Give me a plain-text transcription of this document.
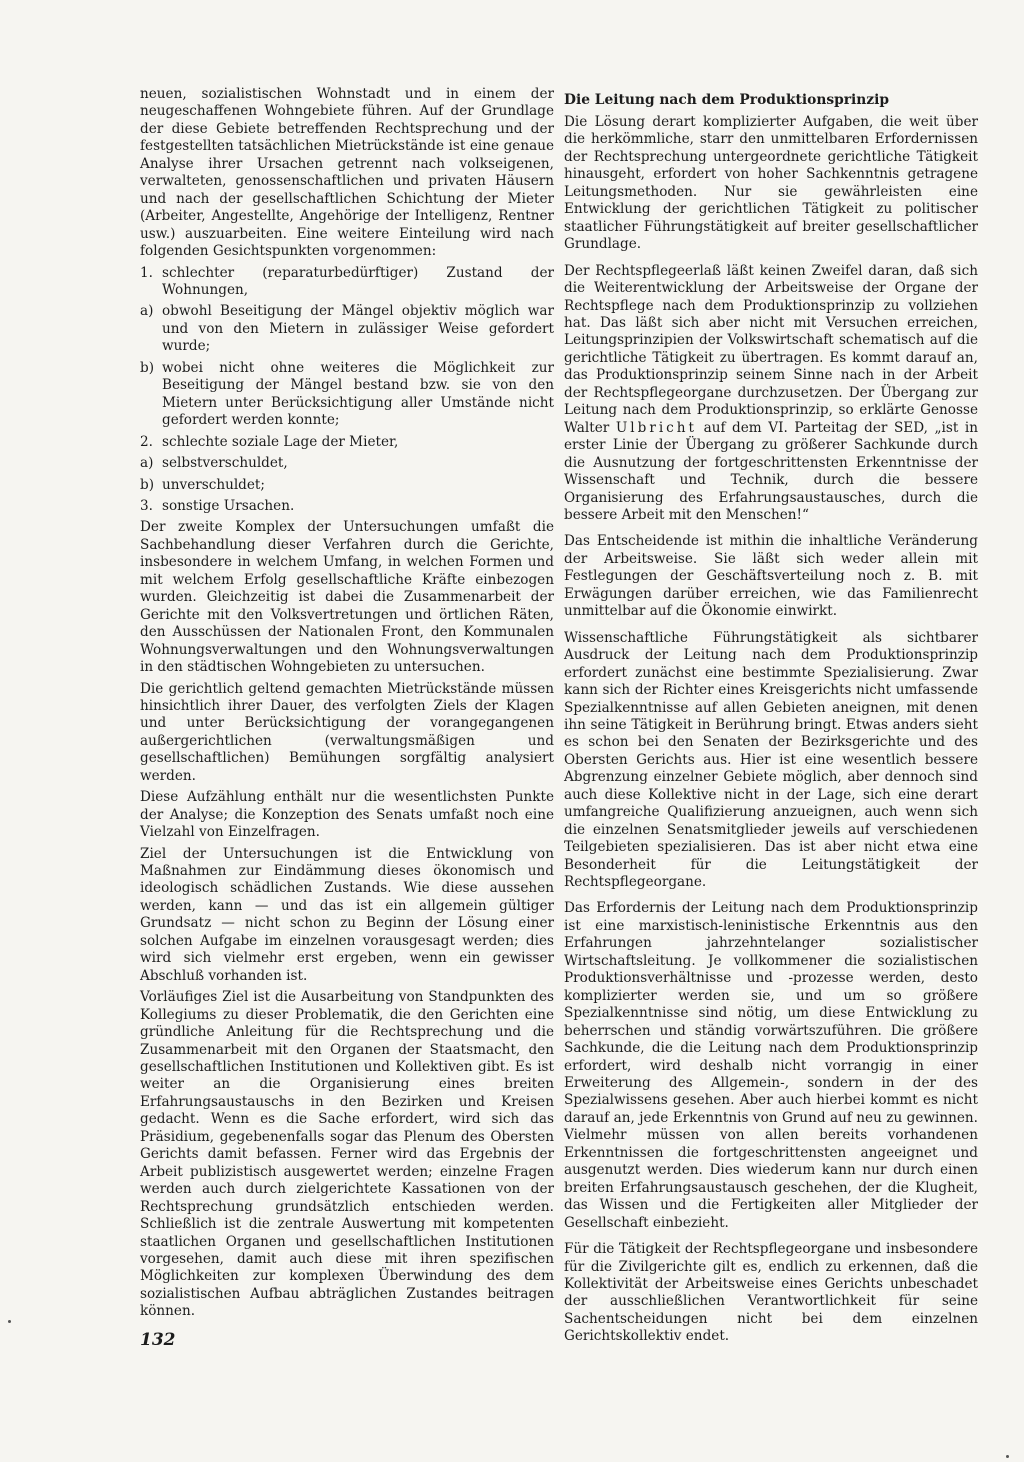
neuen, sozialistischen Wohnstadt und in einem der neugeschaffenen Wohngebiete führen. Auf der Grundlage der diese Gebiete betreffenden Rechtsprechung und der festgestellten tatsächlichen Mietrückstände ist eine genaue Analyse ihrer Ursachen getrennt nach volkseigenen, verwalteten, genossenschaftlichen und privaten Häusern und nach der gesellschaftlichen Schichtung der Mieter (Arbeiter, Angestellte, Angehörige der Intelligenz, Rentner usw.) auszuarbeiten. Eine weitere Einteilung wird nach folgenden Gesichtspunkten vorgenommen:

1. schlechter (reparaturbedürftiger) Zustand der Wohnungen,
a) obwohl Beseitigung der Mängel objektiv möglich war und von den Mietern in zulässiger Weise gefordert wurde;
b) wobei nicht ohne weiteres die Möglichkeit zur Beseitigung der Mängel bestand bzw. sie von den Mietern unter Berücksichtigung aller Umstände nicht gefordert werden konnte;
2. schlechte soziale Lage der Mieter,
a) selbstverschuldet,
b) unverschuldet;
3. sonstige Ursachen.

Der zweite Komplex der Untersuchungen umfaßt die Sachbehandlung dieser Verfahren durch die Gerichte, insbesondere in welchem Umfang, in welchen Formen und mit welchem Erfolg gesellschaftliche Kräfte einbezogen wurden. Gleichzeitig ist dabei die Zusammenarbeit der Gerichte mit den Volksvertretungen und örtlichen Räten, den Ausschüssen der Nationalen Front, den Kommunalen Wohnungsverwaltungen und den Wohnungsverwaltungen in den städtischen Wohngebieten zu untersuchen.

Die gerichtlich geltend gemachten Mietrückstände müssen hinsichtlich ihrer Dauer, des verfolgten Ziels der Klagen und unter Berücksichtigung der vorangegangenen außergerichtlichen (verwaltungsmäßigen und gesellschaftlichen) Bemühungen sorgfältig analysiert werden.

Diese Aufzählung enthält nur die wesentlichsten Punkte der Analyse; die Konzeption des Senats umfaßt noch eine Vielzahl von Einzelfragen.

Ziel der Untersuchungen ist die Entwicklung von Maßnahmen zur Eindämmung dieses ökonomisch und ideologisch schädlichen Zustands. Wie diese aussehen werden, kann — und das ist ein allgemein gültiger Grundsatz — nicht schon zu Beginn der Lösung einer solchen Aufgabe im einzelnen vorausgesagt werden; dies wird sich vielmehr erst ergeben, wenn ein gewisser Abschluß vorhanden ist.

Vorläufiges Ziel ist die Ausarbeitung von Standpunkten des Kollegiums zu dieser Problematik, die den Gerichten eine gründliche Anleitung für die Rechtsprechung und die Zusammenarbeit mit den Organen der Staatsmacht, den gesellschaftlichen Institutionen und Kollektiven gibt. Es ist weiter an die Organisierung eines breiten Erfahrungsaustauschs in den Bezirken und Kreisen gedacht. Wenn es die Sache erfordert, wird sich das Präsidium, gegebenenfalls sogar das Plenum des Obersten Gerichts damit befassen. Ferner wird das Ergebnis der Arbeit publizistisch ausgewertet werden; einzelne Fragen werden auch durch zielgerichtete Kassationen von der Rechtsprechung grundsätzlich entschieden werden. Schließlich ist die zentrale Auswertung mit kompetenten staatlichen Organen und gesellschaftlichen Institutionen vorgesehen, damit auch diese mit ihren spezifischen Möglichkeiten zur komplexen Überwindung des dem sozialistischen Aufbau abträglichen Zustandes beitragen können.

Die Leitung nach dem Produktionsprinzip

Die Lösung derart komplizierter Aufgaben, die weit über die herkömmliche, starr den unmittelbaren Erfordernissen der Rechtsprechung untergeordnete gerichtliche Tätigkeit hinausgeht, erfordert von hoher Sachkenntnis getragene Leitungsmethoden. Nur sie gewährleisten eine Entwicklung der gerichtlichen Tätigkeit zu politischer staatlicher Führungstätigkeit auf breiter gesellschaftlicher Grundlage.

Der Rechtspflegeerlaß läßt keinen Zweifel daran, daß sich die Weiterentwicklung der Arbeitsweise der Organe der Rechtspflege nach dem Produktionsprinzip zu vollziehen hat. Das läßt sich aber nicht mit Versuchen erreichen, Leitungsprinzipien der Volkswirtschaft schematisch auf die gerichtliche Tätigkeit zu übertragen. Es kommt darauf an, das Produktionsprinzip seinem Sinne nach in der Arbeit der Rechtspflegeorgane durchzusetzen. Der Übergang zur Leitung nach dem Produktionsprinzip, so erklärte Genosse Walter Ulbricht auf dem VI. Parteitag der SED, „ist in erster Linie der Übergang zu größerer Sachkunde durch die Ausnutzung der fortgeschrittensten Erkenntnisse der Wissenschaft und Technik, durch die bessere Organisierung des Erfahrungsaustausches, durch die bessere Arbeit mit den Menschen!“

Das Entscheidende ist mithin die inhaltliche Veränderung der Arbeitsweise. Sie läßt sich weder allein mit Festlegungen der Geschäftsverteilung noch z. B. mit Erwägungen darüber erreichen, wie das Familienrecht unmittelbar auf die Ökonomie einwirkt.

Wissenschaftliche Führungstätigkeit als sichtbarer Ausdruck der Leitung nach dem Produktionsprinzip erfordert zunächst eine bestimmte Spezialisierung. Zwar kann sich der Richter eines Kreisgerichts nicht umfassende Spezialkenntnisse auf allen Gebieten aneignen, mit denen ihn seine Tätigkeit in Berührung bringt. Etwas anders sieht es schon bei den Senaten der Bezirksgerichte und des Obersten Gerichts aus. Hier ist eine wesentlich bessere Abgrenzung einzelner Gebiete möglich, aber dennoch sind auch diese Kollektive nicht in der Lage, sich eine derart umfangreiche Qualifizierung anzueignen, auch wenn sich die einzelnen Senatsmitglieder jeweils auf verschiedenen Teilgebieten spezialisieren. Das ist aber nicht etwa eine Besonderheit für die Leitungstätigkeit der Rechtspflegeorgane.

Das Erfordernis der Leitung nach dem Produktionsprinzip ist eine marxistisch-leninistische Erkenntnis aus den Erfahrungen jahrzehntelanger sozialistischer Wirtschaftsleitung. Je vollkommener die sozialistischen Produktionsverhältnisse und -prozesse werden, desto komplizierter werden sie, und um so größere Spezialkenntnisse sind nötig, um diese Entwicklung zu beherrschen und ständig vorwärtszuführen. Die größere Sachkunde, die die Leitung nach dem Produktionsprinzip erfordert, wird deshalb nicht vorrangig in einer Erweiterung des Allgemein-, sondern in der des Spezialwissens gesehen. Aber auch hierbei kommt es nicht darauf an, jede Erkenntnis von Grund auf neu zu gewinnen. Vielmehr müssen von allen bereits vorhandenen Erkenntnissen die fortgeschrittensten angeeignet und ausgenutzt werden. Dies wiederum kann nur durch einen breiten Erfahrungsaustausch geschehen, der die Klugheit, das Wissen und die Fertigkeiten aller Mitglieder der Gesellschaft einbezieht.

Für die Tätigkeit der Rechtspflegeorgane und insbesondere für die Zivilgerichte gilt es, endlich zu erkennen, daß die Kollektivität der Arbeitsweise eines Gerichts unbeschadet der ausschließlichen Verantwortlichkeit für seine Sachentscheidungen nicht bei dem einzelnen Gerichtskollektiv endet.

132
